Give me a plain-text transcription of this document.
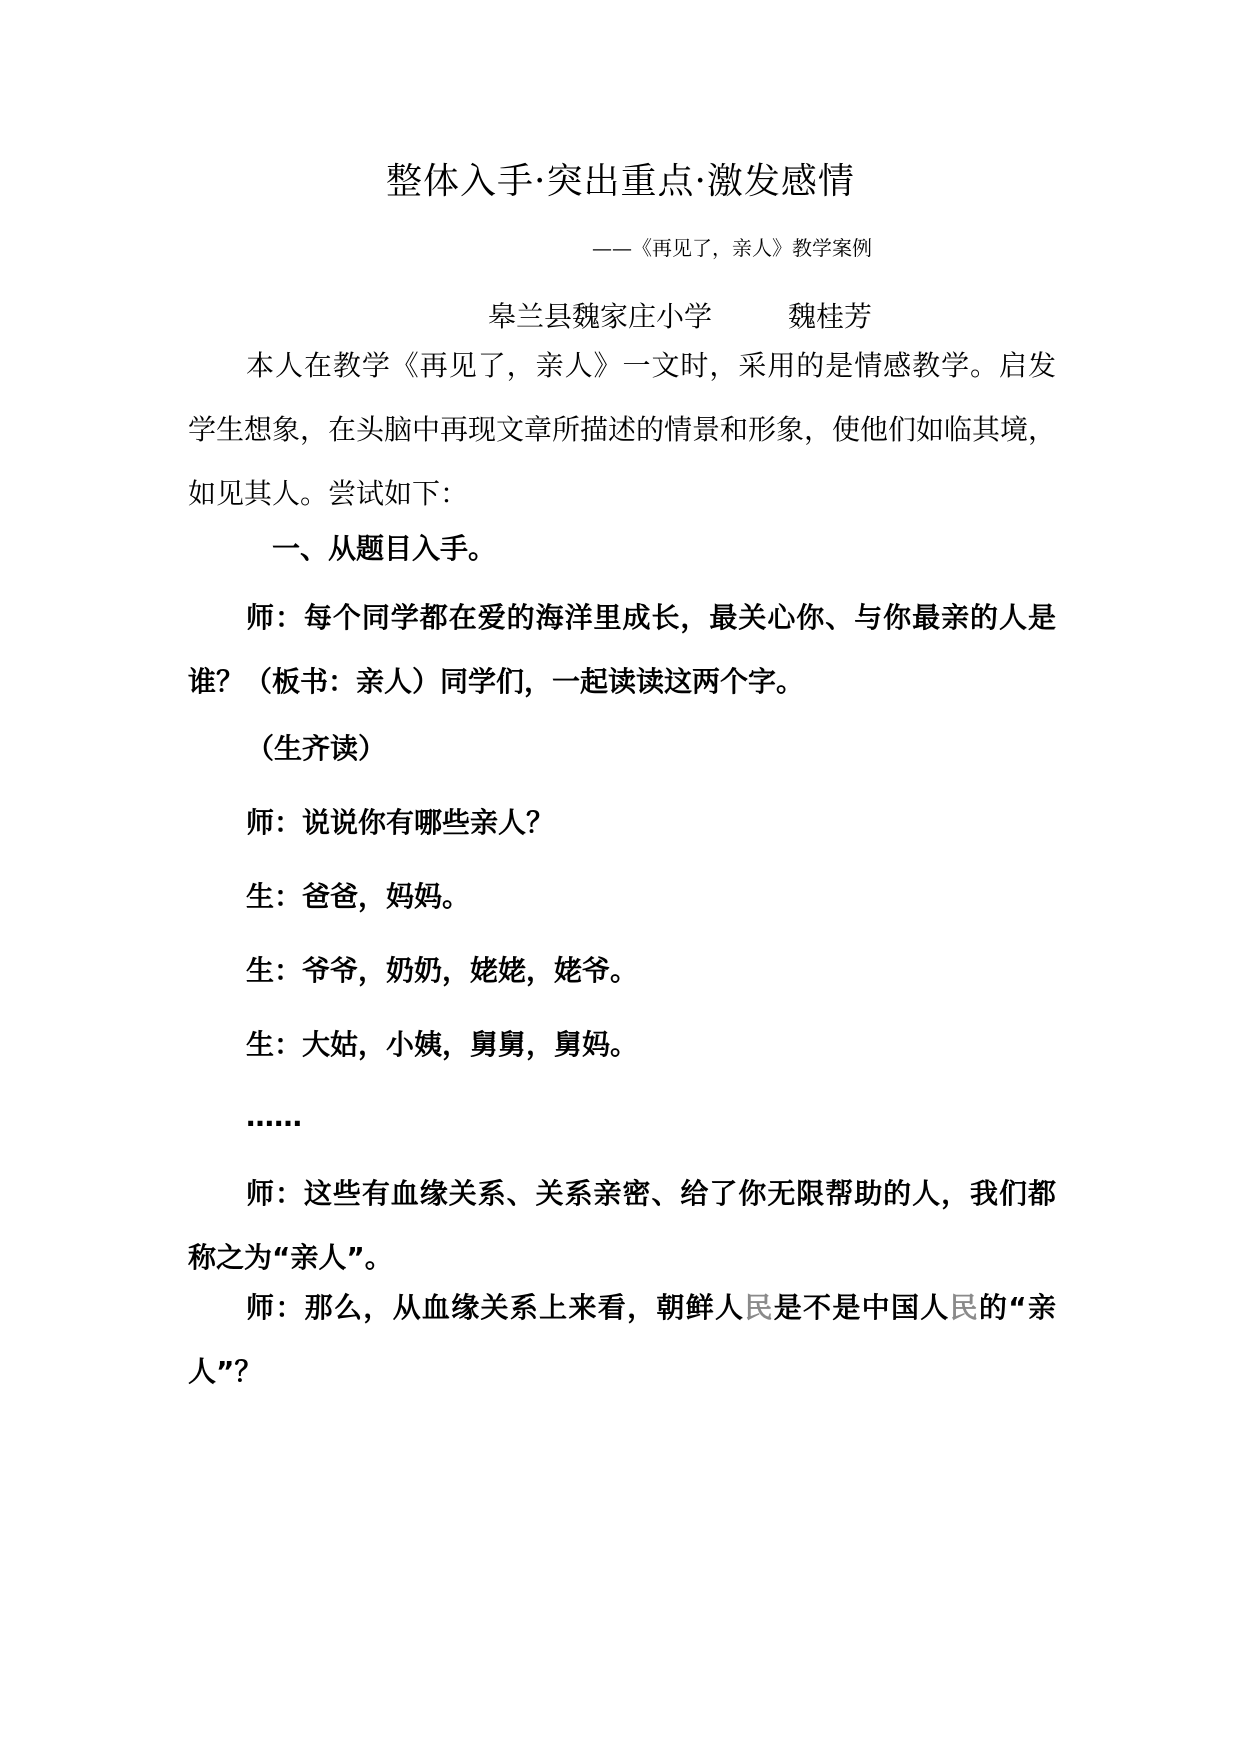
整体入手·突出重点·激发感情
——《再见了，亲人》教学案例
皋兰县魏家庄小学	魏桂芳

本人在教学《再见了，亲人》一文时，采用的是情感教学。启发学生想象，在头脑中再现文章所描述的情景和形象，使他们如临其境，如见其人。尝试如下：

一、从题目入手。

师：每个同学都在爱的海洋里成长，最关心你、与你最亲的人是谁？（板书：亲人）同学们，一起读读这两个字。

（生齐读）
师：说说你有哪些亲人？
生：爸爸，妈妈。
生：爷爷，奶奶，姥姥，姥爷。
生：大姑，小姨，舅舅，舅妈。
……

师：这些有血缘关系、关系亲密、给了你无限帮助的人，我们都称之为“亲人”。

师：那么，从血缘关系上来看，朝鲜人民是不是中国人民的“亲人”？
